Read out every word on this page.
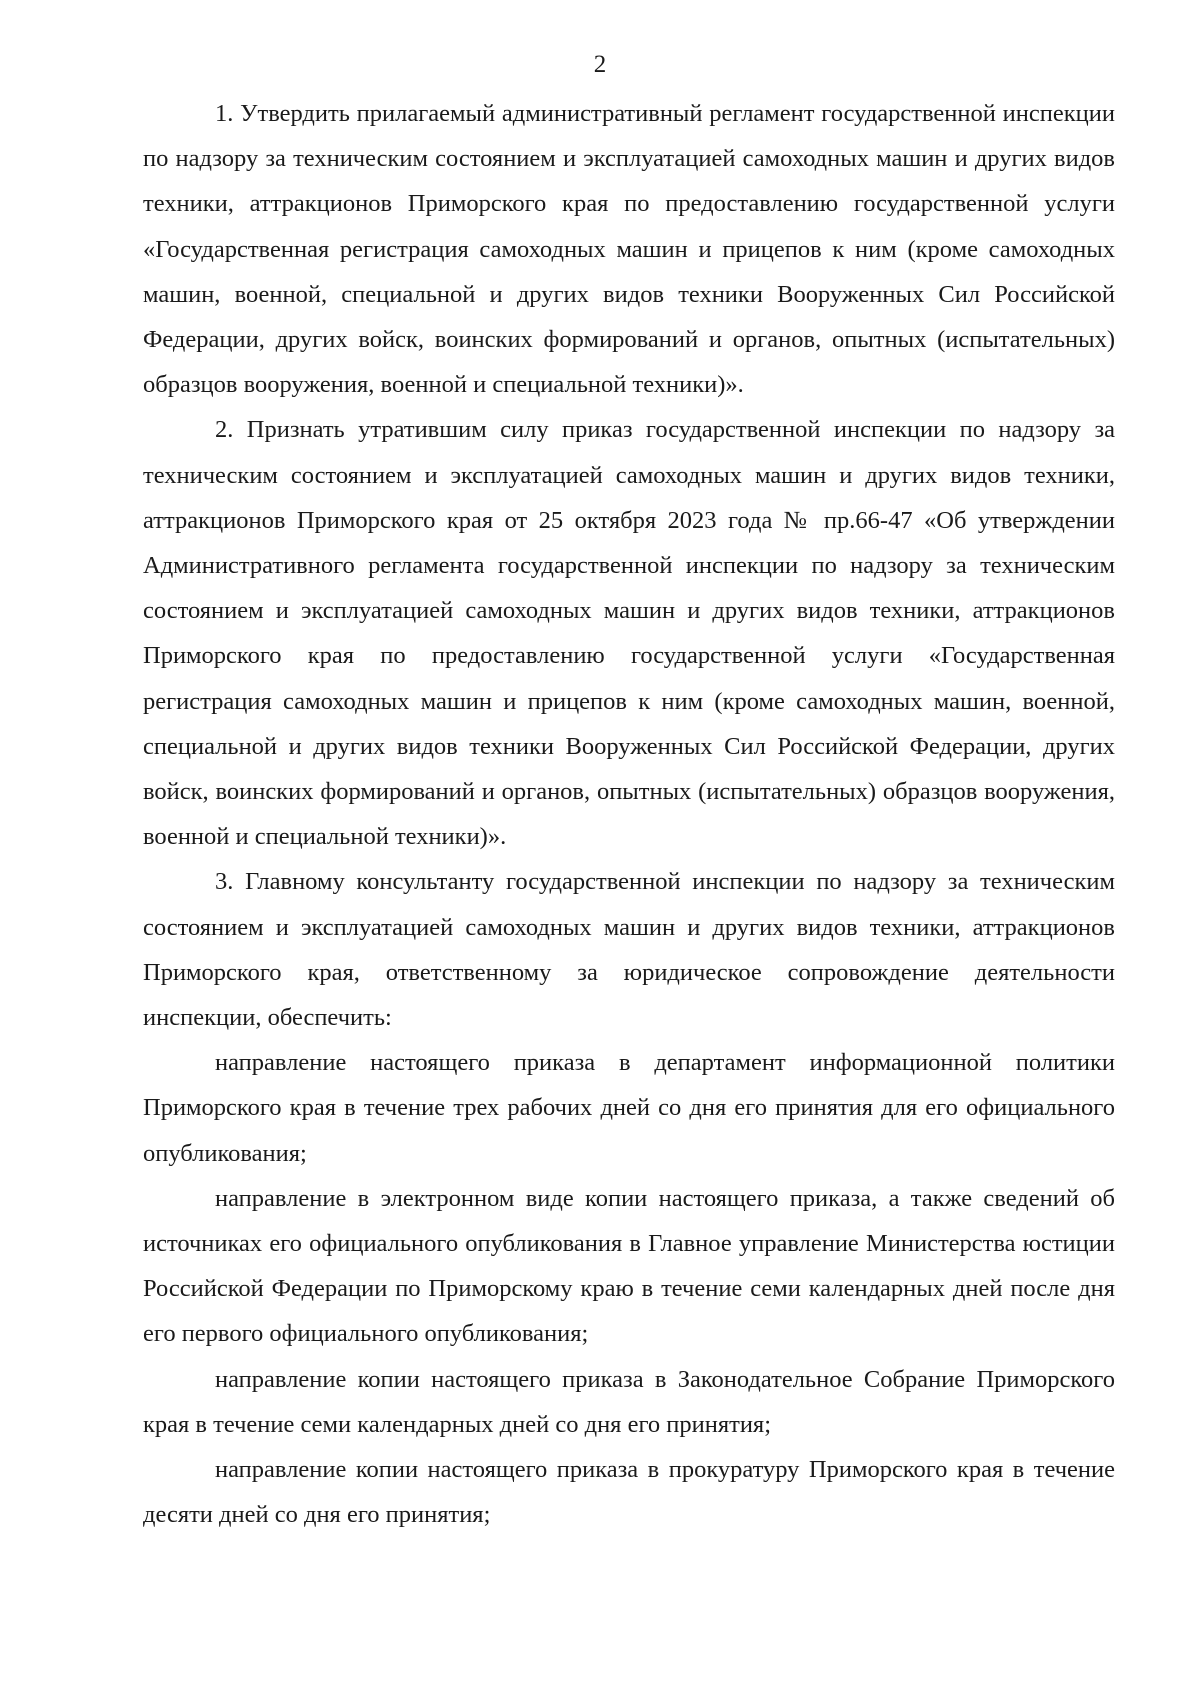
2

1. Утвердить прилагаемый административный регламент государственной инспекции по надзору за техническим состоянием и эксплуатацией самоходных машин и других видов техники, аттракционов Приморского края по предоставлению государственной услуги «Государственная регистрация самоходных машин и прицепов к ним (кроме самоходных машин, военной, специальной и других видов техники Вооруженных Сил Российской Федерации, других войск, воинских формирований и органов, опытных (испытательных) образцов вооружения, военной и специальной техники)».

2. Признать утратившим силу приказ государственной инспекции по надзору за техническим состоянием и эксплуатацией самоходных машин и других видов техники, аттракционов Приморского края от 25 октября 2023 года № пр.66-47 «Об утверждении Административного регламента государственной инспекции по надзору за техническим состоянием и эксплуатацией самоходных машин и других видов техники, аттракционов Приморского края по предоставлению государственной услуги «Государственная регистрация самоходных машин и прицепов к ним (кроме самоходных машин, военной, специальной и других видов техники Вооруженных Сил Российской Федерации, других войск, воинских формирований и органов, опытных (испытательных) образцов вооружения, военной и специальной техники)».

3. Главному консультанту государственной инспекции по надзору за техническим состоянием и эксплуатацией самоходных машин и других видов техники, аттракционов Приморского края, ответственному за юридическое сопровождение деятельности инспекции, обеспечить:

направление настоящего приказа в департамент информационной политики Приморского края в течение трех рабочих дней со дня его принятия для его официального опубликования;

направление в электронном виде копии настоящего приказа, а также сведений об источниках его официального опубликования в Главное управление Министерства юстиции Российской Федерации по Приморскому краю в течение семи календарных дней после дня его первого официального опубликования;

направление копии настоящего приказа в Законодательное Собрание Приморского края в течение семи календарных дней со дня его принятия;

направление копии настоящего приказа в прокуратуру Приморского края в течение десяти дней со дня его принятия;
